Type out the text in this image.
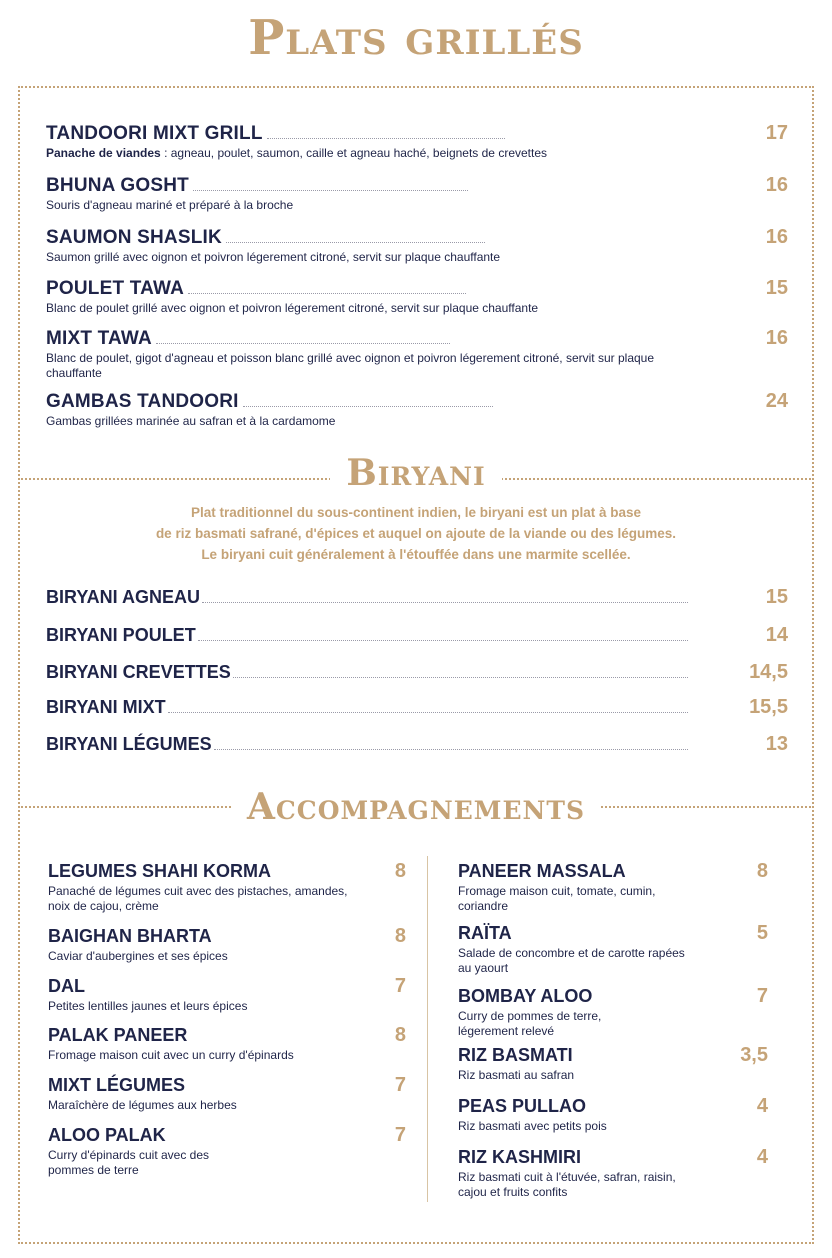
Plats grillés
TANDOORI MIXT GRILL	17
Panache de viandes : agneau, poulet, saumon, caille et agneau haché, beignets de crevettes
BHUNA GOSHT	16
Souris d'agneau mariné et préparé à la broche
SAUMON SHASLIK	16
Saumon grillé avec oignon et poivron légerement citroné, servit sur plaque chauffante
POULET TAWA	15
Blanc de poulet grillé avec oignon et poivron légerement citroné, servit sur plaque chauffante
MIXT TAWA	16
Blanc de poulet, gigot d'agneau et poisson blanc grillé avec oignon et poivron légerement citroné, servit sur plaque chauffante
GAMBAS TANDOORI	24
Gambas grillées marinée au safran et à la cardamome
Biryani
Plat traditionnel du sous-continent indien, le biryani est un plat à base
de riz basmati safrané, d'épices et auquel on ajoute de la viande ou des légumes.
Le biryani cuit généralement à l'étouffée dans une marmite scellée.
BIRYANI AGNEAU	15
BIRYANI POULET	14
BIRYANI CREVETTES	14,5
BIRYANI MIXT	15,5
BIRYANI LÉGUMES	13
Accompagnements
LEGUMES SHAHI KORMA	8
Panaché de légumes cuit avec des pistaches, amandes, noix de cajou, crème
BAIGHAN BHARTA	8
Caviar d'aubergines et ses épices
DAL	7
Petites lentilles jaunes et leurs épices
PALAK PANEER	8
Fromage maison cuit avec un curry d'épinards
MIXT LÉGUMES	7
Maraîchère de légumes aux herbes
ALOO PALAK	7
Curry d'épinards cuit avec des pommes de terre
PANEER MASSALA	8
Fromage maison cuit, tomate, cumin, coriandre
RAÏTA	5
Salade de concombre et de carotte rapées au yaourt
BOMBAY ALOO	7
Curry de pommes de terre, légerement relevé
RIZ BASMATI	3,5
Riz basmati au safran
PEAS PULLAO	4
Riz basmati avec petits pois
RIZ KASHMIRI	4
Riz basmati cuit à l'étuvée, safran, raisin, cajou et fruits confits
